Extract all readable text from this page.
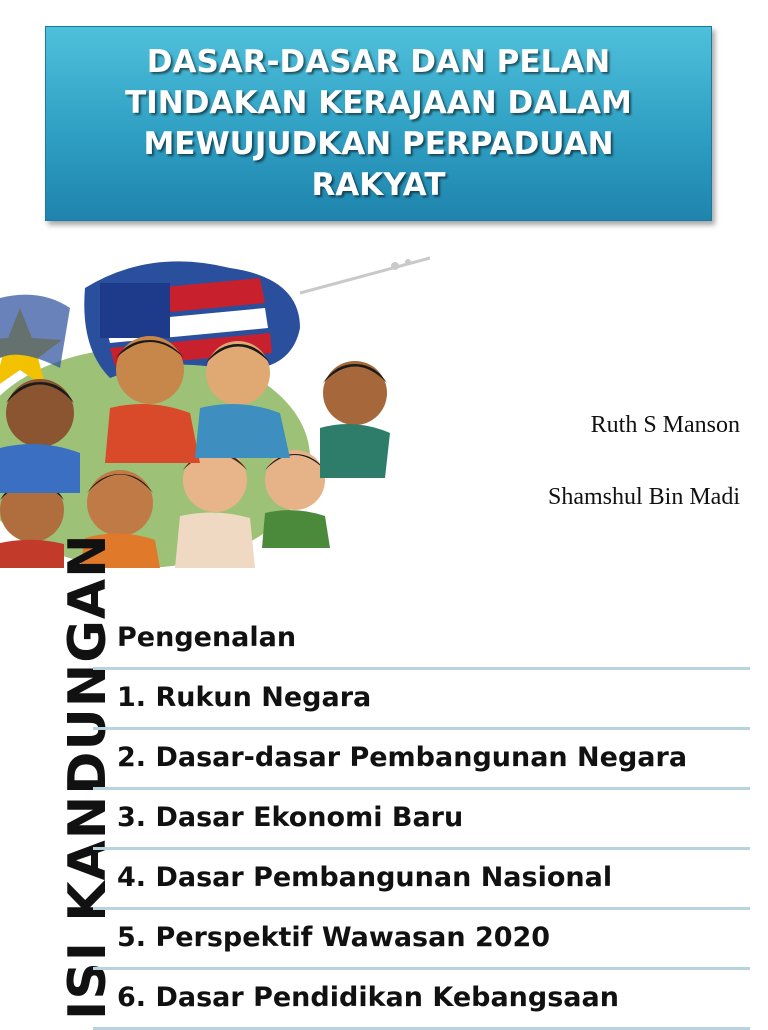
DASAR-DASAR DAN PELAN TINDAKAN KERAJAAN DALAM MEWUJUDKAN PERPADUAN RAKYAT
Ruth S Manson
Shamshul Bin Madi
ISI KANDUNGAN Pengenalan
1. Rukun Negara
2. Dasar-dasar Pembangunan Negara
3. Dasar Ekonomi Baru
4. Dasar Pembangunan Nasional
5. Perspektif Wawasan 2020
6. Dasar Pendidikan Kebangsaan
